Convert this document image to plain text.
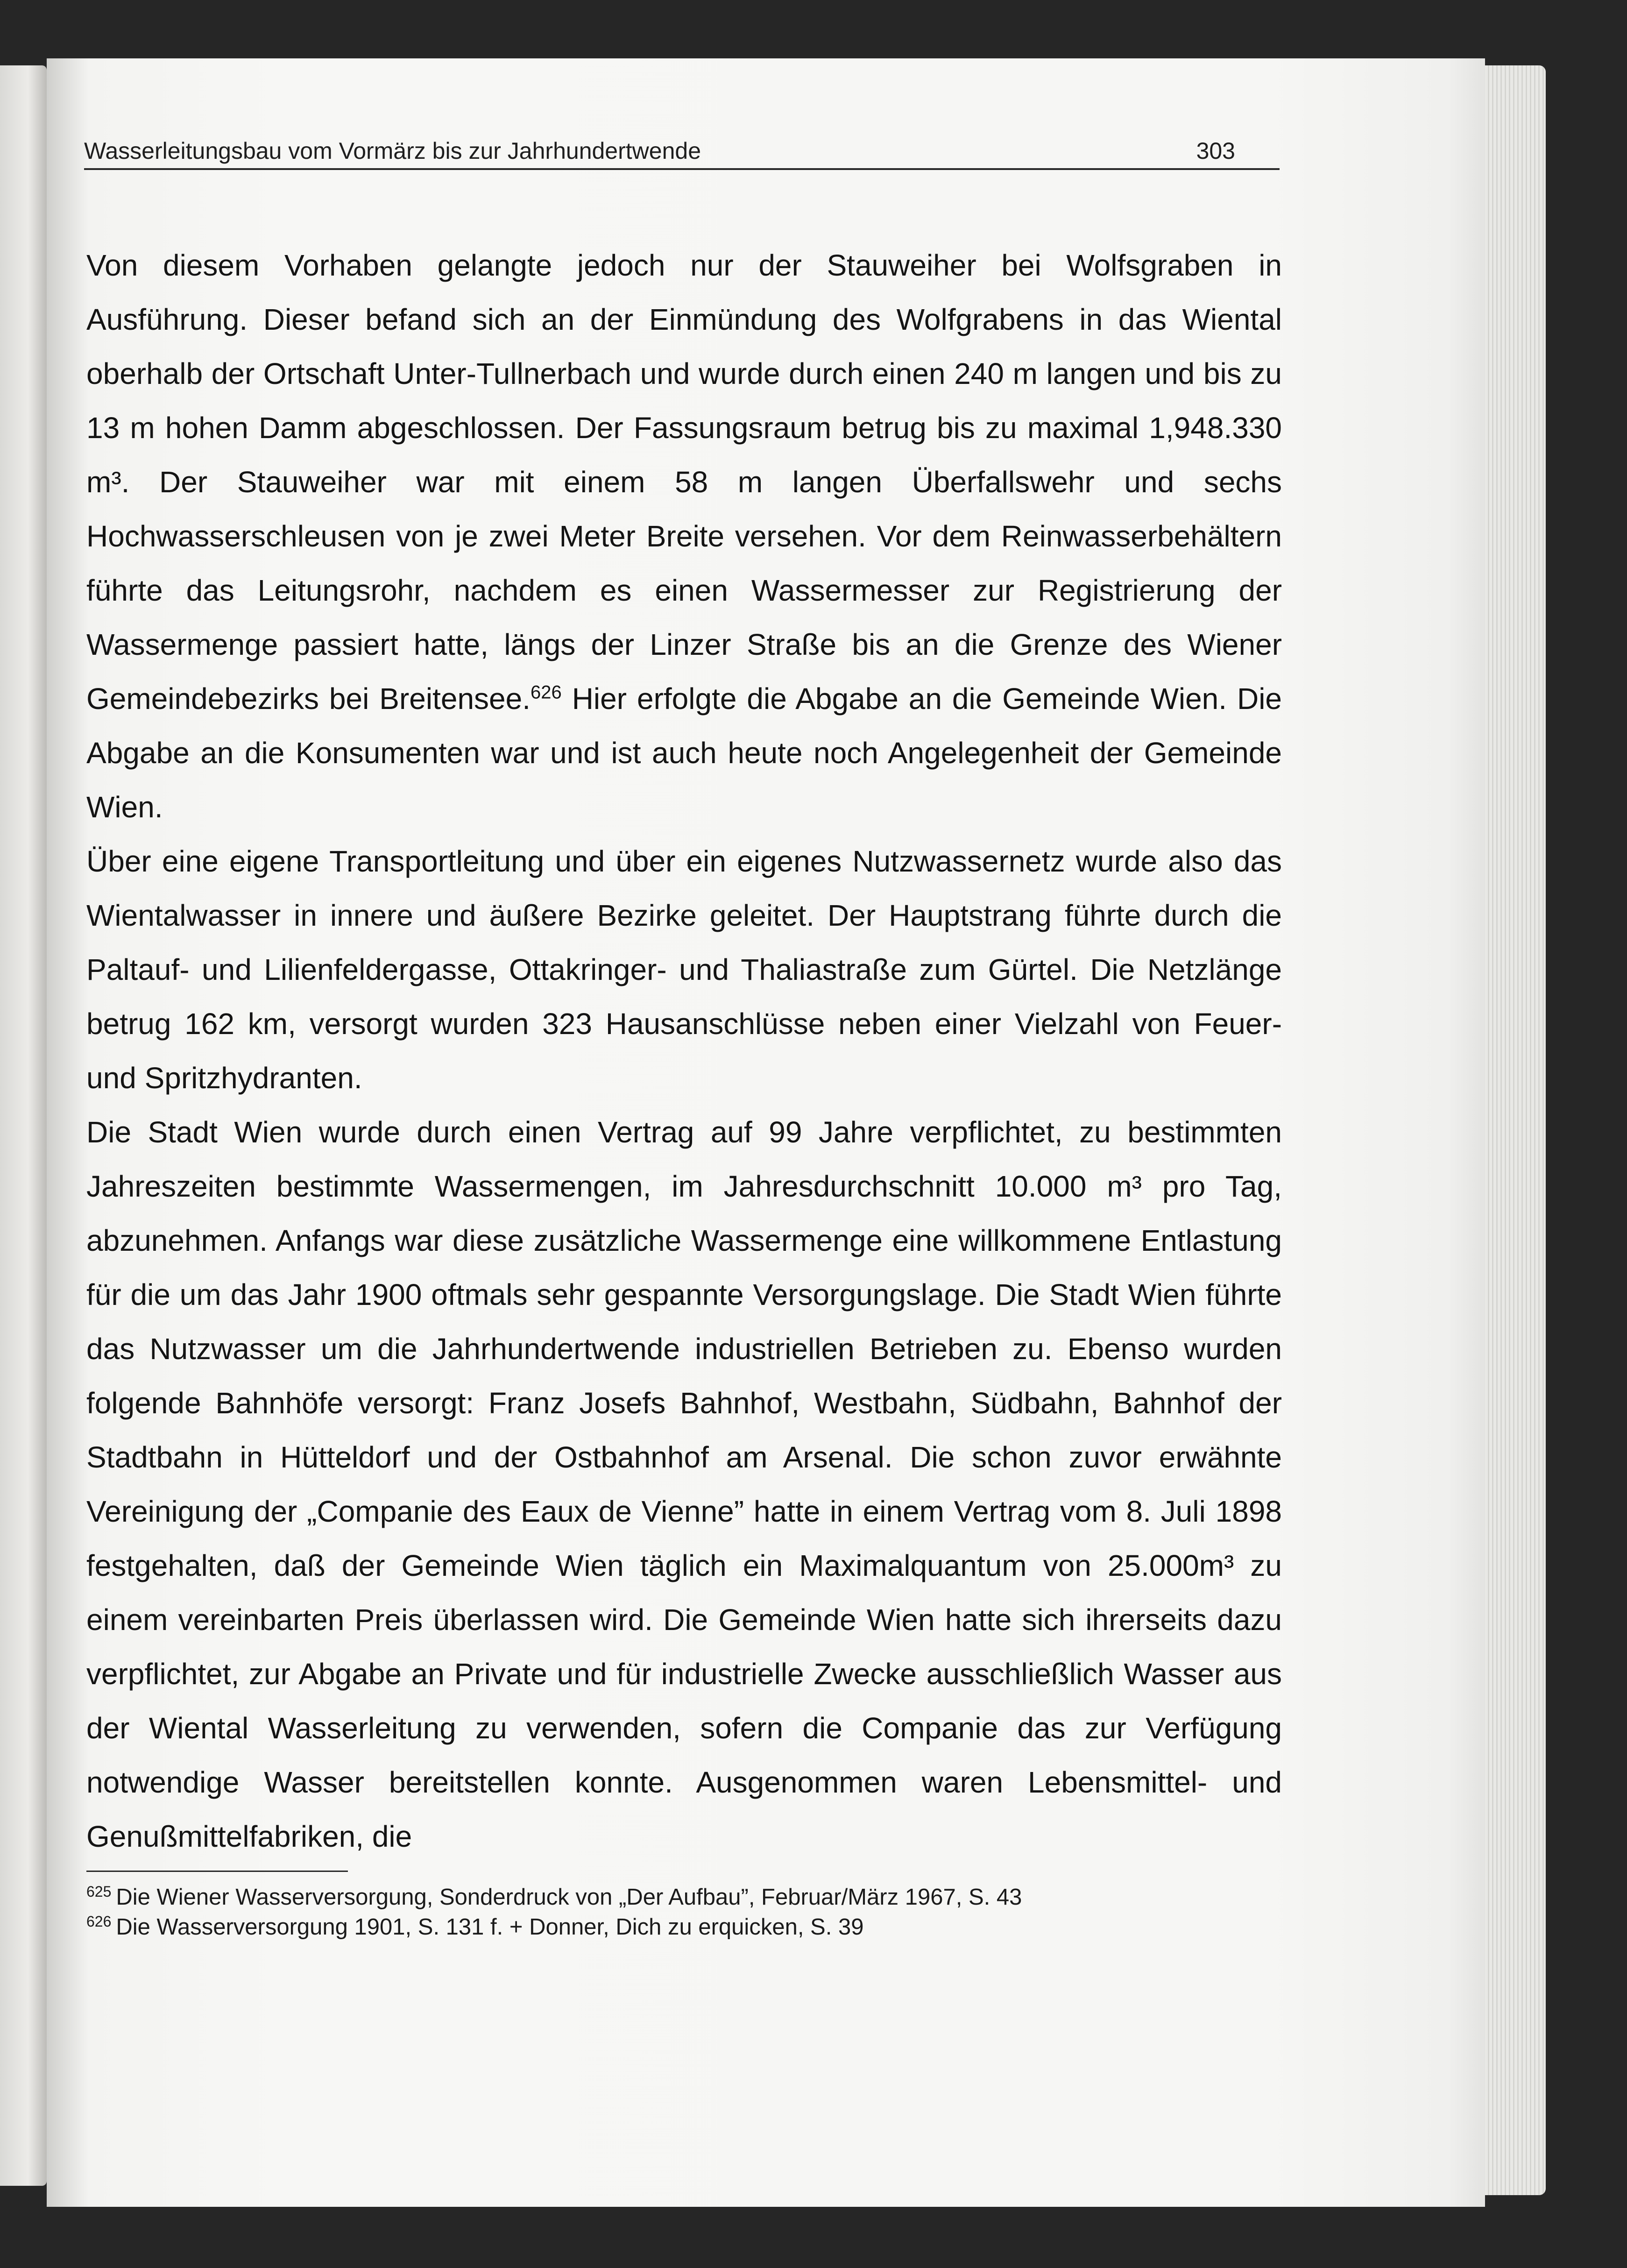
Wasserleitungsbau vom Vormärz bis zur Jahrhundertwende	303

Von diesem Vorhaben gelangte jedoch nur der Stauweiher bei Wolfsgraben in Ausführung. Dieser befand sich an der Einmündung des Wolfgrabens in das Wiental oberhalb der Ortschaft Unter-Tullnerbach und wurde durch einen 240 m langen und bis zu 13 m hohen Damm abgeschlossen. Der Fassungsraum betrug bis zu maximal 1,948.330 m³. Der Stauweiher war mit einem 58 m langen Überfallswehr und sechs Hochwasserschleusen von je zwei Meter Breite versehen. Vor dem Reinwasserbehältern führte das Leitungsrohr, nachdem es einen Wassermesser zur Registrierung der Wassermenge passiert hatte, längs der Linzer Straße bis an die Grenze des Wiener Gemeindebezirks bei Breitensee.$^{626}$ Hier erfolgte die Abgabe an die Gemeinde Wien. Die Abgabe an die Konsumenten war und ist auch heute noch Angelegenheit der Gemeinde Wien.

Über eine eigene Transportleitung und über ein eigenes Nutzwassernetz wurde also das Wientalwasser in innere und äußere Bezirke geleitet. Der Hauptstrang führte durch die Paltauf- und Lilienfeldergasse, Ottakringer- und Thaliastraße zum Gürtel. Die Netzlänge betrug 162 km, versorgt wurden 323 Hausanschlüsse neben einer Vielzahl von Feuer- und Spritzhydranten.

Die Stadt Wien wurde durch einen Vertrag auf 99 Jahre verpflichtet, zu bestimmten Jahreszeiten bestimmte Wassermengen, im Jahresdurchschnitt 10.000 m³ pro Tag, abzunehmen. Anfangs war diese zusätzliche Wassermenge eine willkommene Entlastung für die um das Jahr 1900 oftmals sehr gespannte Versorgungslage. Die Stadt Wien führte das Nutzwasser um die Jahrhundertwende industriellen Betrieben zu. Ebenso wurden folgende Bahnhöfe versorgt: Franz Josefs Bahnhof, Westbahn, Südbahn, Bahnhof der Stadtbahn in Hütteldorf und der Ostbahnhof am Arsenal. Die schon zuvor erwähnte Vereinigung der „Companie des Eaux de Vienne” hatte in einem Vertrag vom 8. Juli 1898 festgehalten, daß der Gemeinde Wien täglich ein Maximalquantum von 25.000m³ zu einem vereinbarten Preis überlassen wird. Die Gemeinde Wien hatte sich ihrerseits dazu verpflichtet, zur Abgabe an Private und für industrielle Zwecke ausschließlich Wasser aus der Wiental Wasserleitung zu verwenden, sofern die Companie das zur Verfügung notwendige Wasser bereitstellen konnte. Ausgenommen waren Lebensmittel- und Genußmittelfabriken, die

$^{625}$ Die Wiener Wasserversorgung, Sonderdruck von „Der Aufbau”, Februar/März 1967, S. 43

$^{626}$ Die Wasserversorgung 1901, S. 131 f. + Donner, Dich zu erquicken, S. 39
